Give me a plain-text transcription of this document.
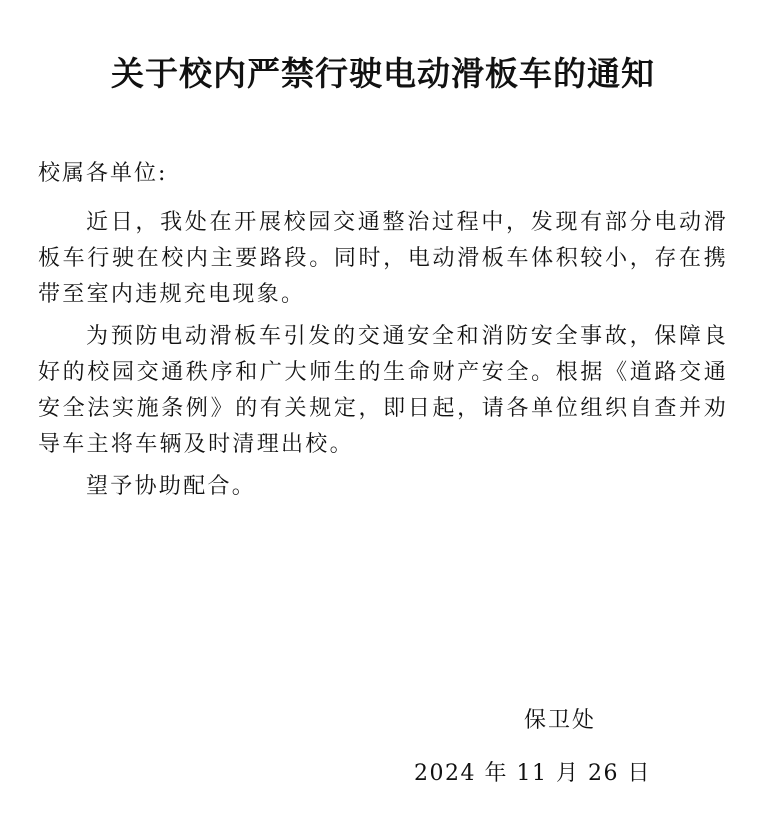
关于校内严禁行驶电动滑板车的通知

校属各单位:

近日，我处在开展校园交通整治过程中，发现有部分电动滑板车行驶在校内主要路段。同时，电动滑板车体积较小，存在携带至室内违规充电现象。

为预防电动滑板车引发的交通安全和消防安全事故，保障良好的校园交通秩序和广大师生的生命财产安全。根据《道路交通安全法实施条例》的有关规定，即日起，请各单位组织自查并劝导车主将车辆及时清理出校。

望予协助配合。

保卫处

2024 年 11 月 26 日
